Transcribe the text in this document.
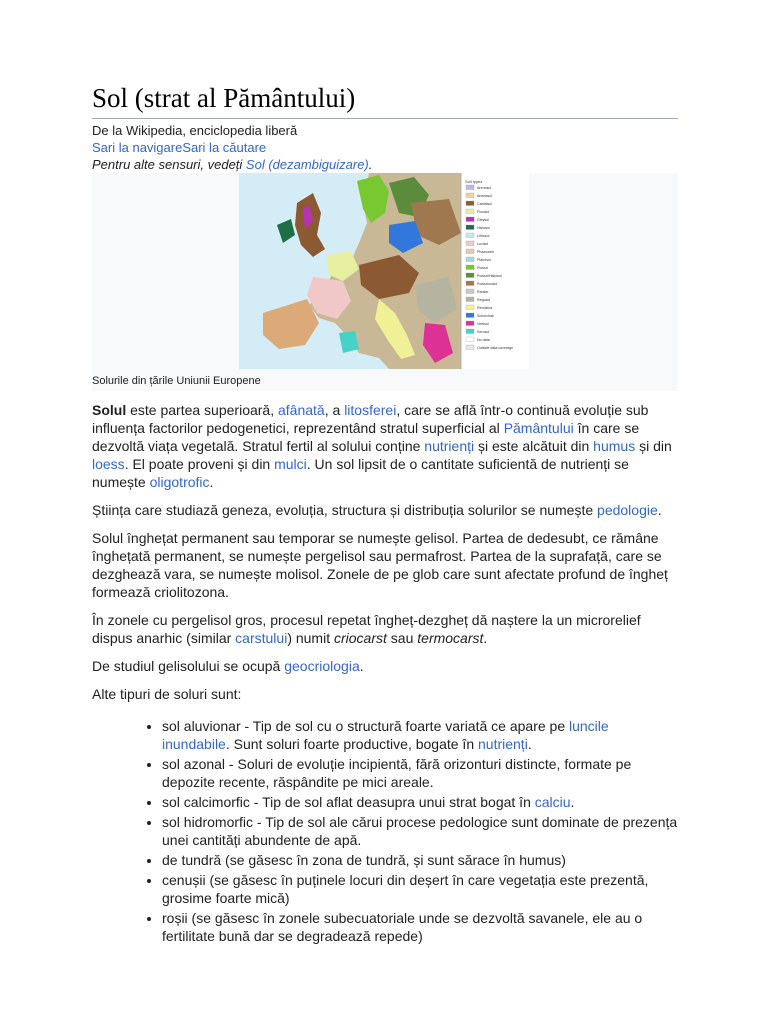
Sol (strat al Pământului)
De la Wikipedia, enciclopedia liberă
Sari la navigareSari la căutare
Pentru alte sensuri, vedeți Sol (dezambiguizare).
Soil types
Arenosol
Anenasol
Cambisol
Fluvisol
Gleysol
Histosol
Lithosol
Luvisol
Phaeozem
Planosol
Podzol
Podzol/Histosol
Podzoluvisol
Ranker
Regosol
Rendzina
Solonchak
Vertisol
Xerosol
No data
Outside data coverage
Solurile din țările Uniunii Europene

Solul este partea superioară, afânată, a litosferei, care se află într-o continuă evoluție sub influența factorilor pedogenetici, reprezentând stratul superficial al Pământului în care se dezvoltă viața vegetală. Stratul fertil al solului conține nutrienți și este alcătuit din humus și din loess. El poate proveni și din mulci. Un sol lipsit de o cantitate suficientă de nutrienți se numește oligotrofic.

Știința care studiază geneza, evoluția, structura și distribuția solurilor se numește pedologie.

Solul înghețat permanent sau temporar se numește gelisol. Partea de dedesubt, ce rămâne înghețată permanent, se numește pergelisol sau permafrost. Partea de la suprafață, care se dezghează vara, se numește molisol. Zonele de pe glob care sunt afectate profund de îngheț formează criolitozona.

În zonele cu pergelisol gros, procesul repetat îngheț-dezgheț dă naștere la un microrelief dispus anarhic (similar carstului) numit criocarst sau termocarst.

De studiul gelisolului se ocupă geocriologia.

Alte tipuri de soluri sunt:

• sol aluvionar - Tip de sol cu o structură foarte variată ce apare pe luncile inundabile. Sunt soluri foarte productive, bogate în nutrienți.
• sol azonal - Soluri de evoluție incipientă, fără orizonturi distincte, formate pe depozite recente, răspândite pe mici areale.
• sol calcimorfic - Tip de sol aflat deasupra unui strat bogat în calciu.
• sol hidromorfic - Tip de sol ale cărui procese pedologice sunt dominate de prezența unei cantități abundente de apă.
• de tundră (se găsesc în zona de tundră, și sunt sărace în humus)
• cenușii (se găsesc în puținele locuri din deșert în care vegetația este prezentă, grosime foarte mică)
• roșii (se găsesc în zonele subecuatoriale unde se dezvoltă savanele, ele au o fertilitate bună dar se degradează repede)
